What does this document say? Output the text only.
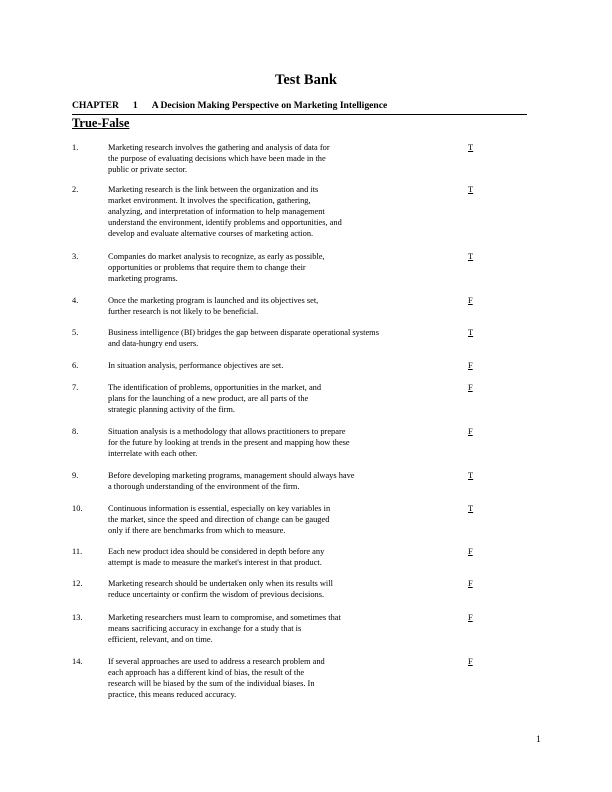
Test Bank
CHAPTER 1 A Decision Making Perspective on Marketing Intelligence
True-False
1.	Marketing research involves the gathering and analysis of data for
the purpose of evaluating decisions which have been made in the
public or private sector.
T
2.	Marketing research is the link between the organization and its
market environment. It involves the specification, gathering,
analyzing, and interpretation of information to help management
understand the environment, identify problems and opportunities, and
develop and evaluate alternative courses of marketing action.
T
3.	Companies do market analysis to recognize, as early as possible,
opportunities or problems that require them to change their
marketing programs.
T
4.	Once the marketing program is launched and its objectives set,
further research is not likely to be beneficial.
F
5.	Business intelligence (BI) bridges the gap between disparate operational systems
and data-hungry end users.
T
6.	In situation analysis, performance objectives are set.	F
7.	The identification of problems, opportunities in the market, and
plans for the launching of a new product, are all parts of the
strategic planning activity of the firm.
F
8.	Situation analysis is a methodology that allows practitioners to prepare
for the future by looking at trends in the present and mapping how these
interrelate with each other.
F
9.	Before developing marketing programs, management should always have
a thorough understanding of the environment of the firm.
T
10.	Continuous information is essential, especially on key variables in
the market, since the speed and direction of change can be gauged
only if there are benchmarks from which to measure.
T
11.	Each new product idea should be considered in depth before any
attempt is made to measure the market's interest in that product.
F
12.	Marketing research should be undertaken only when its results will
reduce uncertainty or confirm the wisdom of previous decisions.
F
13.	Marketing researchers must learn to compromise, and sometimes that
means sacrificing accuracy in exchange for a study that is
efficient, relevant, and on time.
F
14.	If several approaches are used to address a research problem and
each approach has a different kind of bias, the result of the
research will be biased by the sum of the individual biases. In
practice, this means reduced accuracy.
F
1
